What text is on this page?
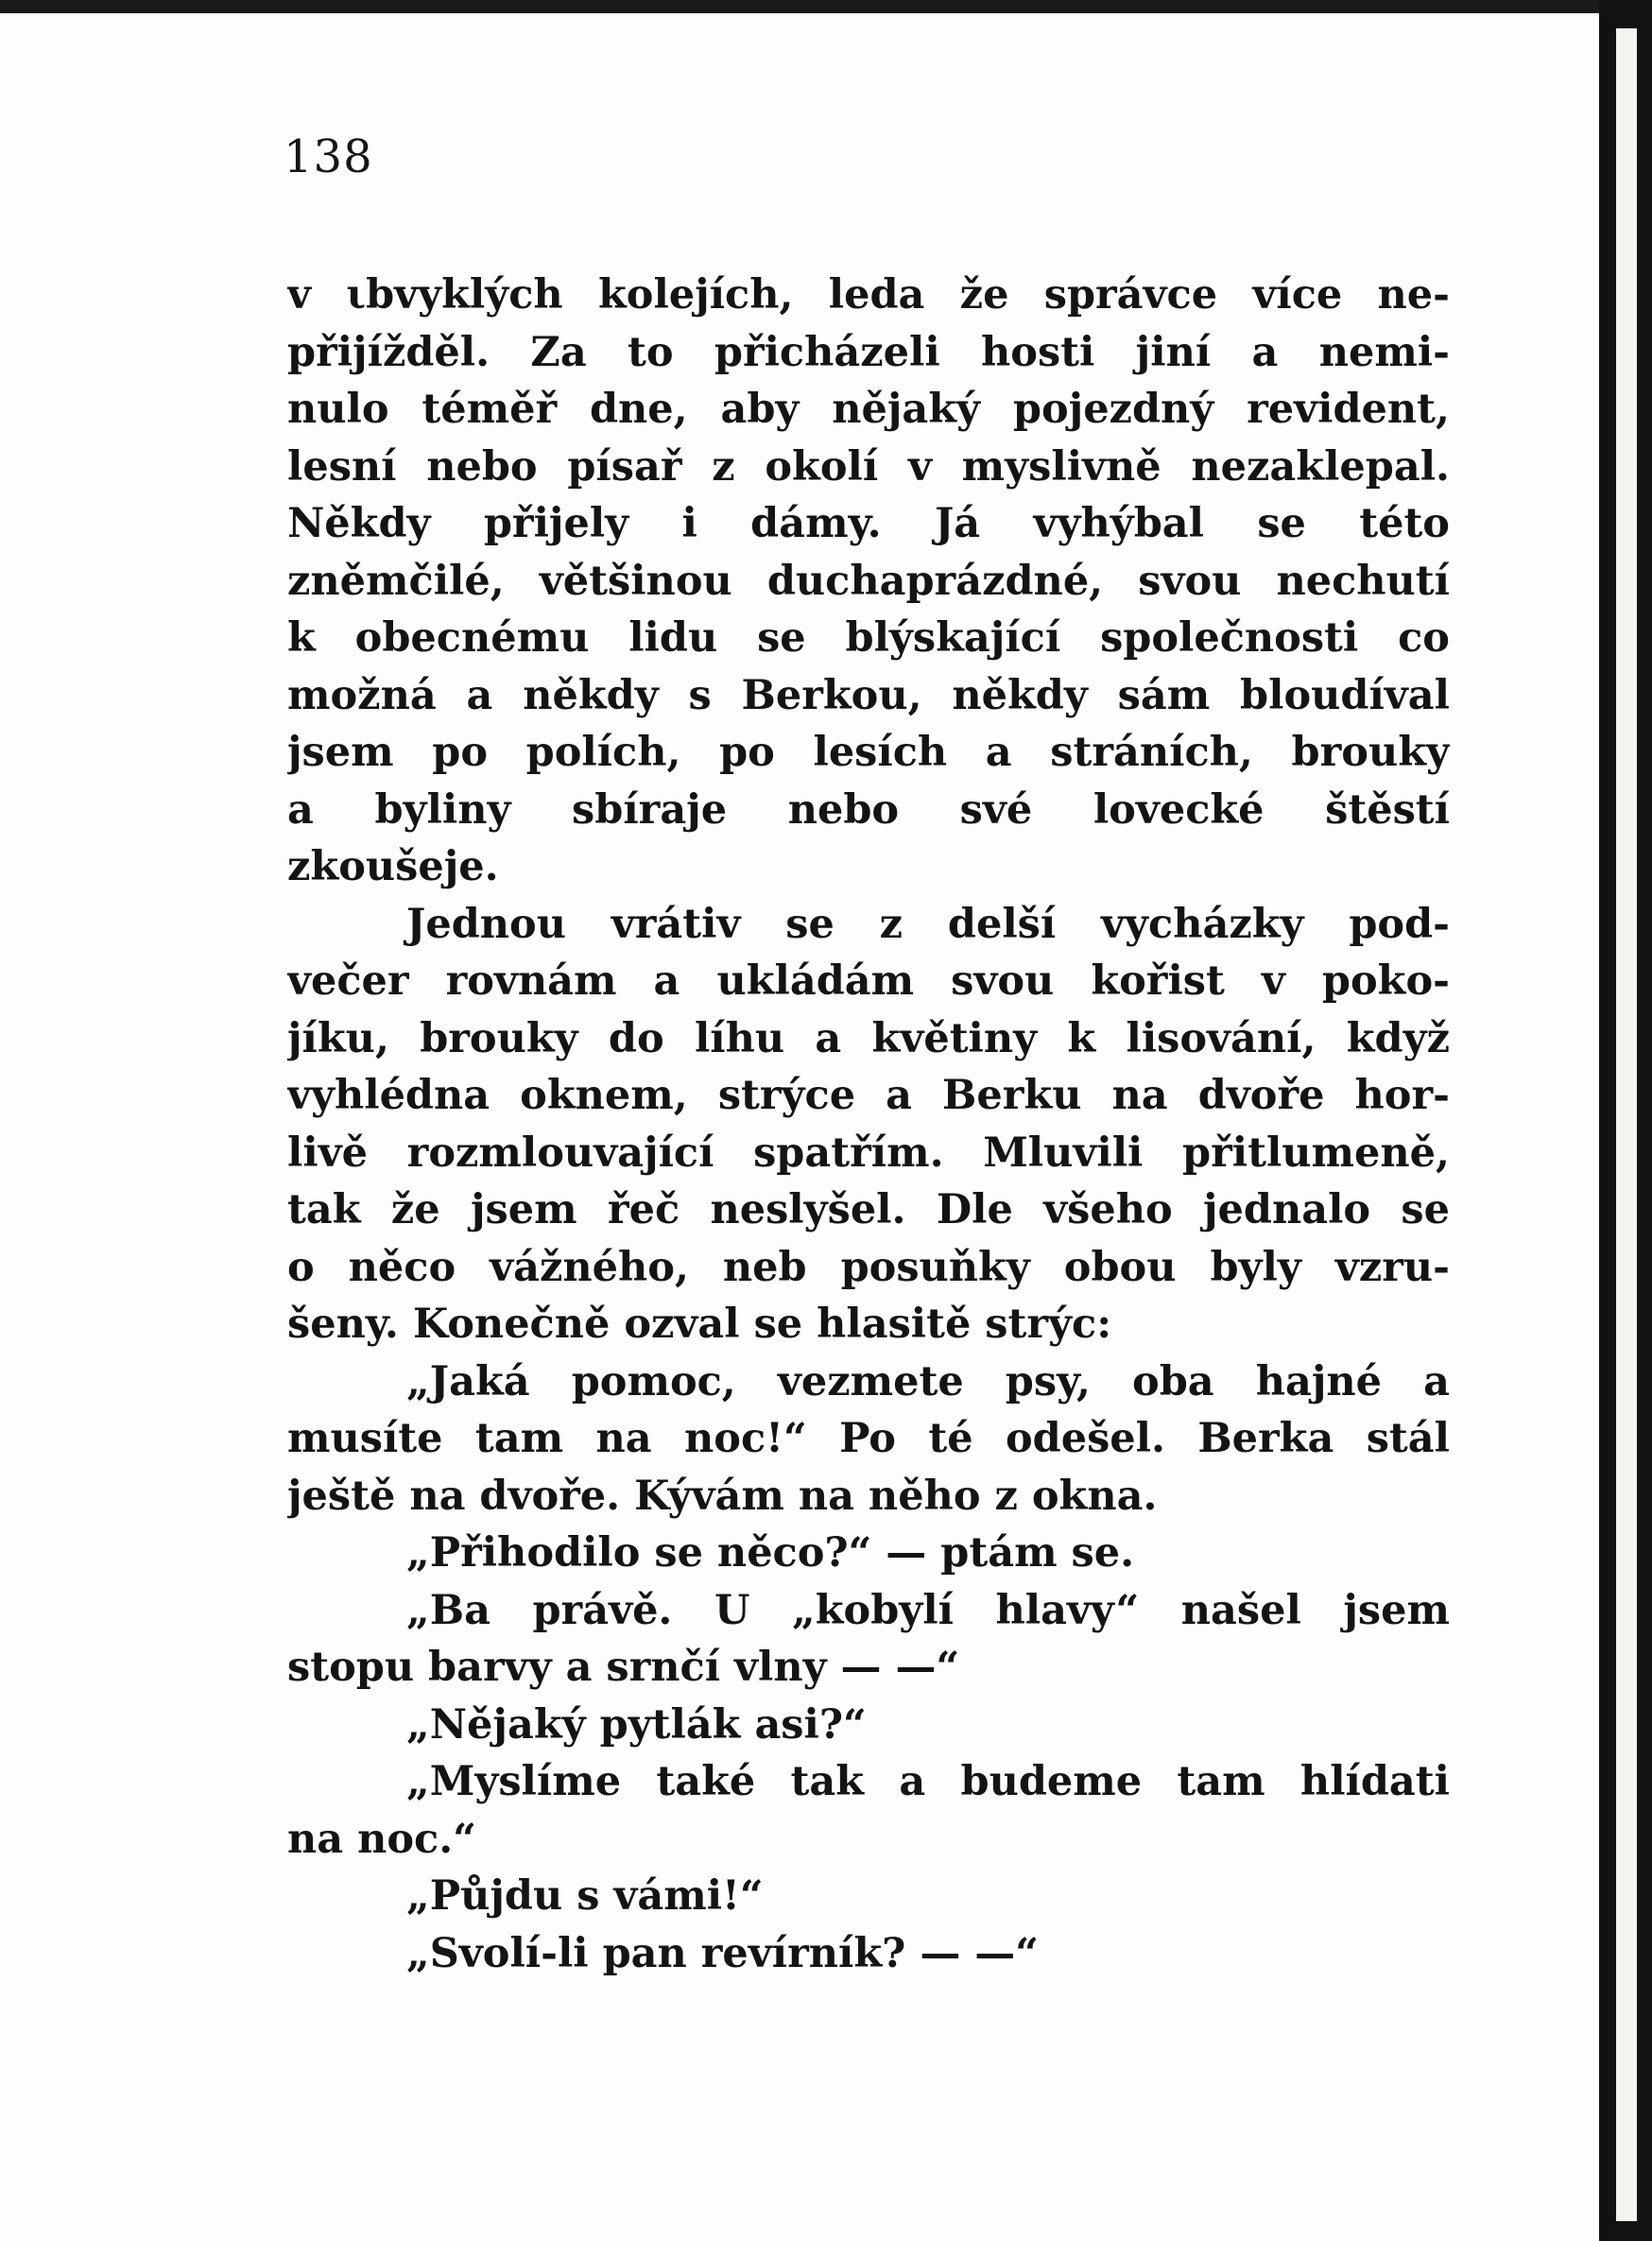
138
v ιbvyklých kolejích, leda že správce více ne-
přijížděl. Za to přicházeli hosti jiní a nemi-
nulo téměř dne, aby nějaký pojezdný revident,
lesní nebo písař z okolí v myslivně nezaklepal.
Někdy přijely i dámy. Já vyhýbal se této
zněmčilé, většinou duchaprázdné, svou nechutí
k obecnému lidu se blýskající společnosti co
možná a někdy s Berkou, někdy sám bloudíval
jsem po polích, po lesích a stráních, brouky
a byliny sbíraje nebo své lovecké štěstí
zkoušeje.
Jednou vrátiv se z delší vycházky pod-
večer rovnám a ukládám svou kořist v poko-
jíku, brouky do líhu a květiny k lisování, když
vyhlédna oknem, strýce a Berku na dvoře hor-
livě rozmlouvající spatřím. Mluvili přitlumeně,
tak že jsem řeč neslyšel. Dle všeho jednalo se
o něco vážného, neb posuňky obou byly vzru-
šeny. Konečně ozval se hlasitě strýc:
„Jaká pomoc, vezmete psy, oba hajné a
musíte tam na noc!“ Po té odešel. Berka stál
ještě na dvoře. Kývám na něho z okna.
„Přihodilo se něco?“ — ptám se.
„Ba právě. U „kobylí hlavy“ našel jsem
stopu barvy a srnčí vlny — —“
„Nějaký pytlák asi?“
„Myslíme také tak a budeme tam hlídati
na noc.“
„Půjdu s vámi!“
„Svolí-li pan revírník? — —“
